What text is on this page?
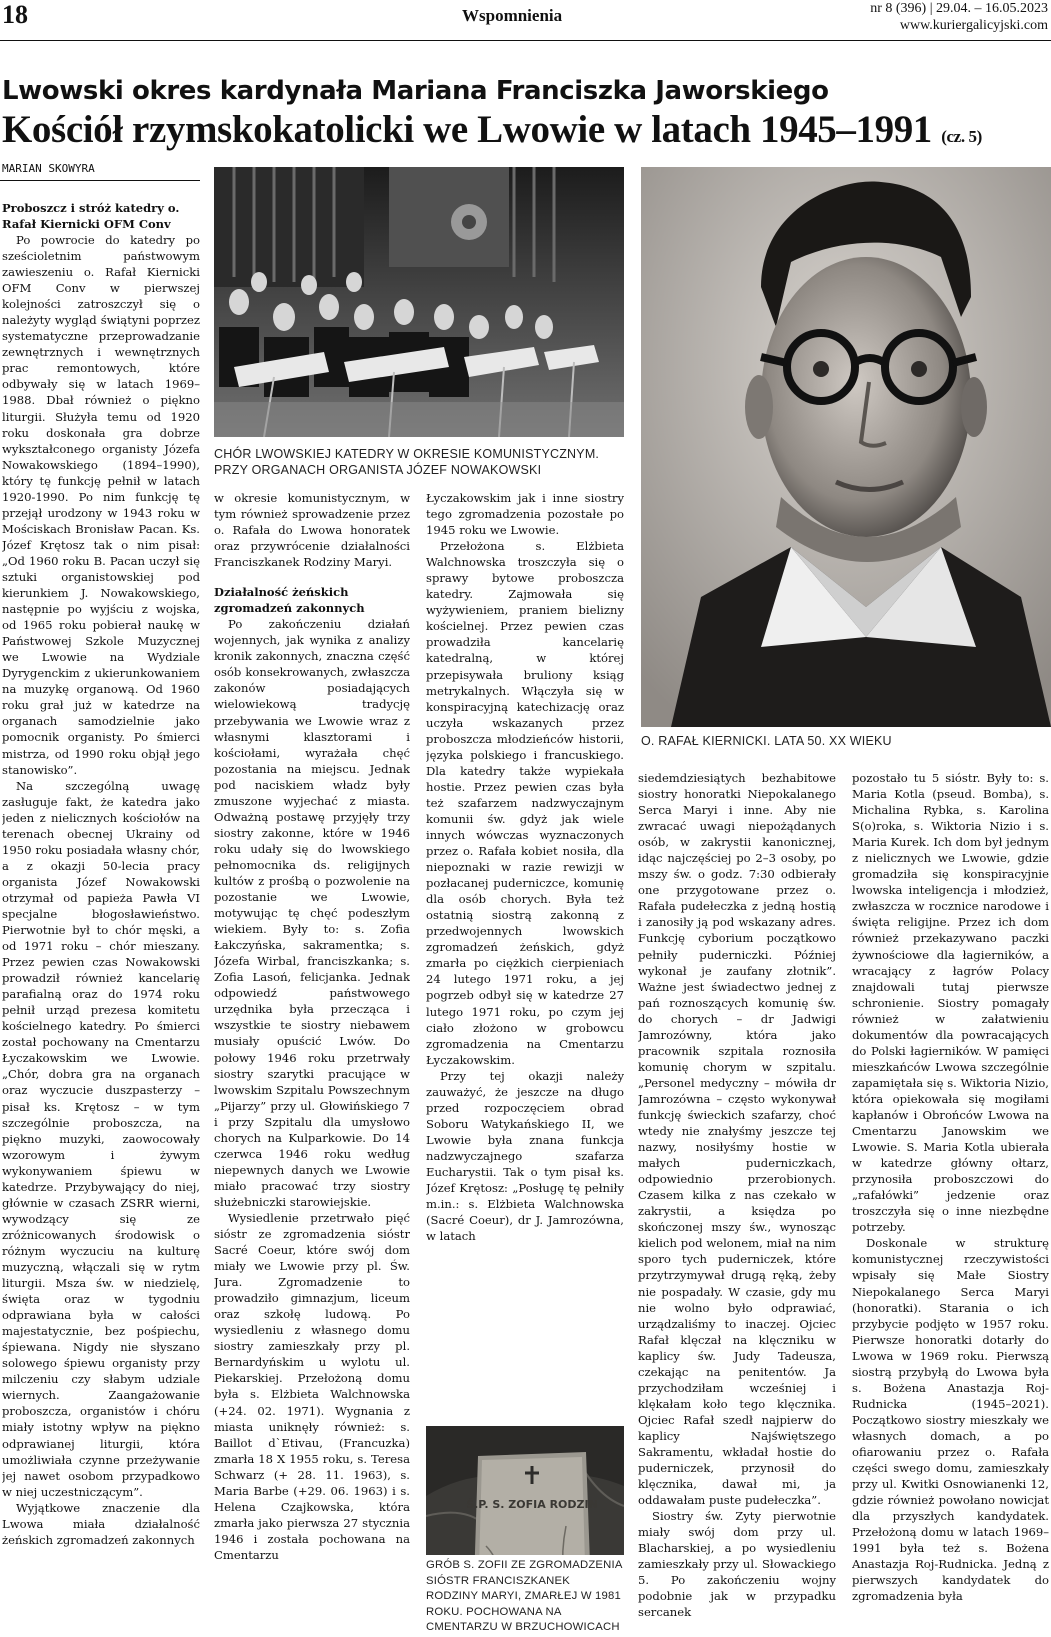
18	Wspomnienia	nr 8 (396) | 29.04. – 16.05.2023
www.kuriergalicyjski.com
Lwowski okres kardynała Mariana Franciszka Jaworskiego
Kościół rzymskokatolicki we Lwowie w latach 1945–1991 (cz. 5)
MARIAN SKOWYRA
CHÓR LWOWSKIEJ KATEDRY W OKRESIE KOMUNISTYCZNYM. PRZY ORGANACH ORGANISTA JÓZEF NOWAKOWSKI
O. RAFAŁ KIERNICKI. LATA 50. XX WIEKU
Proboszcz i stróż katedry o. Rafał Kiernicki OFM Conv

Po powrocie do katedry po sześcioletnim państwowym zawieszeniu o. Rafał Kiernicki OFM Conv w pierwszej kolejności zatroszczył się o należyty wygląd świątyni poprzez systematyczne przeprowadzanie zewnętrznych i wewnętrznych prac remontowych, które odbywały się w latach 1969–1988. Dbał również o piękno liturgii. Służyła temu od 1920 roku doskonała gra dobrze wykształconego organisty Józefa Nowakowskiego (1894–1990), który tę funkcję pełnił w latach 1920-1990. Po nim funkcję tę przejął urodzony w 1943 roku w Mościskach Bronisław Pacan. Ks. Józef Krętosz tak o nim pisał: „Od 1960 roku B. Pacan uczył się sztuki organistowskiej pod kierunkiem J. Nowakowskiego, następnie po wyjściu z wojska, od 1965 roku pobierał naukę w Państwowej Szkole Muzycznej we Lwowie na Wydziale Dyrygenckim z ukierunkowaniem na muzykę organową. Od 1960 roku grał już w katedrze na organach samodzielnie jako pomocnik organisty. Po śmierci mistrza, od 1990 roku objął jego stanowisko”.

Na szczególną uwagę zasługuje fakt, że katedra jako jeden z nielicznych kościołów na terenach obecnej Ukrainy od 1950 roku posiadała własny chór, a z okazji 50-lecia pracy organista Józef Nowakowski otrzymał od papieża Pawła VI specjalne błogosławieństwo. Pierwotnie był to chór męski, a od 1971 roku – chór mieszany. Przez pewien czas Nowakowski prowadził również kancelarię parafialną oraz do 1974 roku pełnił urząd prezesa komitetu kościelnego katedry. Po śmierci został pochowany na Cmentarzu Łyczakowskim we Lwowie. „Chór, dobra gra na organach oraz wyczucie duszpasterzy – pisał ks. Krętosz – w tym szczególnie proboszcza, na piękno muzyki, zaowocowały wzorowym i żywym wykonywaniem śpiewu w katedrze. Przybywający do niej, głównie w czasach ZSRR wierni, wywodzący się ze zróżnicowanych środowisk o różnym wyczuciu na kulturę muzyczną, włączali się w rytm liturgii. Msza św. w niedzielę, święta oraz w tygodniu odprawiana była w całości majestatycznie, bez pośpiechu, śpiewana. Nigdy nie słyszano solowego śpiewu organisty przy milczeniu czy słabym udziale wiernych. Zaangażowanie proboszcza, organistów i chóru miały istotny wpływ na piękno odprawianej liturgii, która umożliwiała czynne przeżywanie jej nawet osobom przypadkowo w niej uczestniczącym”.

Wyjątkowe znaczenie dla Lwowa miała działalność żeńskich zgromadzeń zakonnych

w okresie komunistycznym, w tym również sprowadzenie przez o. Rafała do Lwowa honoratek oraz przywrócenie działalności Franciszkanek Rodziny Maryi.

Działalność żeńskich zgromadzeń zakonnych

Po zakończeniu działań wojennych, jak wynika z analizy kronik zakonnych, znaczna część osób konsekrowanych, zwłaszcza zakonów posiadających wielowiekową tradycję przebywania we Lwowie wraz z własnymi klasztorami i kościołami, wyrażała chęć pozostania na miejscu. Jednak pod naciskiem władz były zmuszone wyjechać z miasta. Odważną postawę przyjęły trzy siostry zakonne, które w 1946 roku udały się do lwowskiego pełnomocnika ds. religijnych kultów z prośbą o pozwolenie na pozostanie we Lwowie, motywując tę chęć podeszłym wiekiem. Były to: s. Zofia Łakczyńska, sakramentka; s. Józefa Wirbal, franciszkanka; s. Zofia Lasoń, felicjanka. Jednak odpowiedź państwowego urzędnika była przecząca i wszystkie te siostry niebawem musiały opuścić Lwów. Do połowy 1946 roku przetrwały siostry szarytki pracujące w lwowskim Szpitalu Powszechnym „Pijarzy” przy ul. Głowińskiego 7 i przy Szpitalu dla umysłowo chorych na Kulparkowie. Do 14 czerwca 1946 roku według niepewnych danych we Lwowie miało pracować trzy siostry służebniczki starowiejskie.

Wysiedlenie przetrwało pięć sióstr ze zgromadzenia sióstr Sacré Coeur, które swój dom miały we Lwowie przy pl. Św. Jura. Zgromadzenie to prowadziło gimnazjum, liceum oraz szkołę ludową. Po wysiedleniu z własnego domu siostry zamieszkały przy pl. Bernardyńskim u wylotu ul. Piekarskiej. Przełożoną domu była s. Elżbieta Walchnowska (+24. 02. 1971). Wygnania z miasta uniknęły również: s. Baillot d`Etivau, (Francuzka) zmarła 18 X 1955 roku, s. Teresa Schwarz (+ 28. 11. 1963), s. Maria Barbe (+29. 06. 1963) i s. Helena Czajkowska, która zmarła jako pierwsza 27 stycznia 1946 i została pochowana na Cmentarzu

Łyczakowskim jak i inne siostry tego zgromadzenia pozostałe po 1945 roku we Lwowie.

Przełożona s. Elżbieta Walchnowska troszczyła się o sprawy bytowe proboszcza katedry. Zajmowała się wyżywieniem, praniem bielizny kościelnej. Przez pewien czas prowadziła kancelarię katedralną, w której przepisywała bruliony ksiąg metrykalnych. Włączyła się w konspiracyjną katechizację oraz uczyła wskazanych przez proboszcza młodzieńców historii, języka polskiego i francuskiego. Dla katedry także wypiekała hostie. Przez pewien czas była też szafarzem nadzwyczajnym komunii św. gdyż jak wiele innych wówczas wyznaczonych przez o. Rafała kobiet nosiła, dla niepoznaki w razie rewizji w pozłacanej puderniczce, komunię dla osób chorych. Była też ostatnią siostrą zakonną z przedwojennych lwowskich zgromadzeń żeńskich, gdyż zmarła po ciężkich cierpieniach 24 lutego 1971 roku, a jej pogrzeb odbył się w katedrze 27 lutego 1971 roku, po czym jej ciało złożono w grobowcu zgromadzenia na Cmentarzu Łyczakowskim.

Przy tej okazji należy zauważyć, że jeszcze na długo przed rozpoczęciem obrad Soboru Watykańskiego II, we Lwowie była znana funkcja nadzwyczajnego szafarza Eucharystii. Tak o tym pisał ks. Józef Krętosz: „Posługę tę pełniły m.in.: s. Elżbieta Walchnowska (Sacré Coeur), dr J. Jamrozówna, w latach

Ś.P. S. ZOFIA RODZIN
GRÓB S. ZOFII ZE ZGROMADZENIA SIÓSTR FRANCISZKANEK RODZINY MARYI, ZMARŁEJ W 1981 ROKU. POCHOWANA NA CMENTARZU W BRZUCHOWICACH

siedemdziesiątych bezhabitowe siostry honoratki Niepokalanego Serca Maryi i inne. Aby nie zwracać uwagi niepożądanych osób, w zakrystii kanonicznej, idąc najczęściej po 2–3 osoby, po mszy św. o godz. 7:30 odbierały one przygotowane przez o. Rafała pudełeczka z jedną hostią i zanosiły ją pod wskazany adres. Funkcję cyborium początkowo pełniły puderniczki. Później wykonał je zaufany złotnik”. Ważne jest świadectwo jednej z pań roznoszących komunię św. do chorych – dr Jadwigi Jamrozówny, która jako pracownik szpitala roznosiła komunię chorym w szpitalu. „Personel medyczny – mówiła dr Jamrozówna – często wykonywał funkcję świeckich szafarzy, choć wtedy nie znałyśmy jeszcze tej nazwy, nosiłyśmy hostie w małych puderniczkach, odpowiednio przerobionych. Czasem kilka z nas czekało w zakrystii, a księdza po skończonej mszy św., wynosząc kielich pod welonem, miał na nim sporo tych puderniczek, które przytrzymywał drugą ręką, żeby nie pospadały. W czasie, gdy mu nie wolno było odprawiać, urządzaliśmy to inaczej. Ojciec Rafał klęczał na klęczniku w kaplicy św. Judy Tadeusza, czekając na penitentów. Ja przychodziłam wcześniej i klękałam koło tego klęcznika. Ojciec Rafał szedł najpierw do kaplicy Najświętszego Sakramentu, wkładał hostie do puderniczek, przynosił do klęcznika, dawał mi, ja oddawałam puste pudełeczka”.

Siostry św. Zyty pierwotnie miały swój dom przy ul. Blacharskiej, a po wysiedleniu zamieszkały przy ul. Słowackiego 5. Po zakończeniu wojny podobnie jak w przypadku sercanek

pozostało tu 5 sióstr. Były to: s. Maria Kotla (pseud. Bomba), s. Michalina Rybka, s. Karolina S(o)roka, s. Wiktoria Nizio i s. Maria Kurek. Ich dom był jednym z nielicznych we Lwowie, gdzie gromadziła się konspiracyjnie lwowska inteligencja i młodzież, zwłaszcza w rocznice narodowe i święta religijne. Przez ich dom również przekazywano paczki żywnościowe dla łagierników, a wracający z łagrów Polacy znajdowali tutaj pierwsze schronienie. Siostry pomagały również w załatwieniu dokumentów dla powracających do Polski łagierników. W pamięci mieszkańców Lwowa szczególnie zapamiętała się s. Wiktoria Nizio, która opiekowała się mogiłami kapłanów i Obrońców Lwowa na Cmentarzu Janowskim we Lwowie. S. Maria Kotla ubierała w katedrze główny ołtarz, przynosiła proboszczowi do „rafałówki” jedzenie oraz troszczyła się o inne niezbędne potrzeby.

Doskonale w strukturę komunistycznej rzeczywistości wpisały się Małe Siostry Niepokalanego Serca Maryi (honoratki). Starania o ich przybycie podjęto w 1957 roku. Pierwsze honoratki dotarły do Lwowa w 1969 roku. Pierwszą siostrą przybyłą do Lwowa była s. Bożena Anastazja Roj-Rudnicka (1945–2021). Początkowo siostry mieszkały we własnych domach, a po ofiarowaniu przez o. Rafała części swego domu, zamieszkały przy ul. Kwitki Osnowianenki 12, gdzie również powołano nowicjat dla przyszłych kandydatek. Przełożoną domu w latach 1969–1991 była też s. Bożena Anastazja Roj-Rudnicka. Jedną z pierwszych kandydatek do zgromadzenia była
